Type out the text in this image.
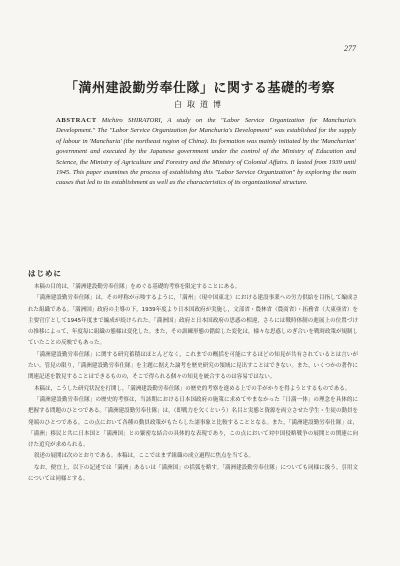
277
「満州建設勤労奉仕隊」に関する基礎的考察
白取道博
ABSTRACT Michiro SHIRATORI, A study on the "Labor Service Organization for Manchuria's Development." The "Labor Service Organization for Manchuria's Development" was established for the supply of labour in 'Manchuria' (the northeast region of China). Its formation was mainly initiated by the 'Manchurian' government and executed by the Japanese government under the control of the Ministry of Education and Science, the Ministry of Agriculture and Forestry and the Ministry of Colonial Affairs. It lasted from 1939 until 1945. This paper examines the process of establishing this "Labor Service Organization" by exploring the main causes that led to its establishment as well as the characteristics of its organizational structure.
はじめに

本稿の目的は，「満洲建設勤労奉仕隊」をめぐる基礎的考察を限定することにある。

「満洲建設勤労奉仕隊」は，その呼称が示唆するように，「満州」（現中国東北）における建設事業への労力供給を目指して編成された組織である。「満洲国」政府の主導の下，1939年度より日本国政府が実施し，文部省・農林省（農商省）・拓務省（大東亜省）を主要官庁として1945年度まで編成が続けられた。「満洲国」政府と日本国政府の思惑の相違，さらには戦時体制の進展上の位置づけの推移によって，年度毎に組織の態様は変化した。また，その訓練形態の錯綜した変化は，様々な思惑しのぎ合いを戦時政策が規制していたことの反映でもあった。

「満洲建設勤労奉仕隊」に関する研究蓄積はほとんどなく，これまでの概括を可能にするほどの知見が共有されているとは言いがたい。管見の限り，「満洲建設勤労奉仕隊」を主題に据えた論考を歴史研究の領域に見出すことはできない。また，いくつかの著作に関連記述を散見することはできるものの，そこで得られる個々の知見を統合するのは容易ではない。

本稿は，こうした研究状況を打開し，「満洲建設勤労奉仕隊」の歴史的考察を進める上での手がかりを得ようとするものである。

「満洲建設勤労奉仕隊」の歴史的考察は，当該期における日本国政府の施策に求めてやまなかった「日満一体」の理念を具体的に把握する問題のひとつである。「満洲建設勤労奉仕隊」は，（即戦力を欠くという）名目と実態と資源を両立させた学生・生徒の動員を発端のひとつである。この点において各種の動員政策がもたらした諸事象と比較することとなる。また，「満洲建設勤労奉仕隊」は，「満洲」移民と共に日本国と「満洲国」との緊密な結合の具体的な表現であり，この点において対中国侵略戦争の展開との関連に向けた追究が求められる。

叙述の展開は次のとおりである。本稿は，ここではまず組織の成立過程に焦点を当てる。

なお，便宜上，以下の記述では「満洲」あるいは「満洲国」の括弧を略す。「満洲建設勤労奉仕隊」についても同様に扱う。引用文については同様とする。
